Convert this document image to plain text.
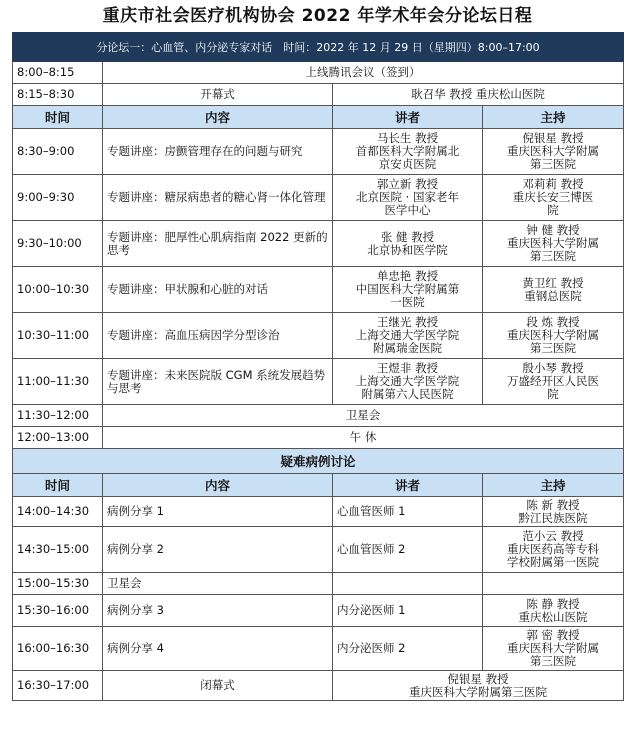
重庆市社会医疗机构协会 2022 年学术年会分论坛日程
分论坛一：心血管、内分泌专家对话　时间：2022 年 12 月 29 日（星期四）8:00–17:00			
8:00–8:15	上线腾讯会议（签到）		
8:15–8:30	开幕式	耿召华 教授 重庆松山医院	
时间	内容	讲者	主持
8:30–9:00	专题讲座：房颤管理存在的问题与研究	马长生 教授
首都医科大学附属北
京安贞医院	倪银星 教授
重庆医科大学附属
第三医院

9:00–9:30	专题讲座：糖尿病患者的糖心肾一体化管理	郭立新 教授
北京医院 · 国家老年
医学中心	邓莉莉 教授
重庆长安三博医
院

9:30–10:00	专题讲座：肥厚性心肌病指南 2022 更新的思考	张 健 教授
北京协和医学院	钟 健 教授
重庆医科大学附属
第三医院

10:00–10:30	专题讲座：甲状腺和心脏的对话	单忠艳 教授
中国医科大学附属第
一医院	黄卫红 教授
重钢总医院

10:30–11:00	专题讲座：高血压病因学分型诊治	王继光 教授
上海交通大学医学院
附属瑞金医院	段 炼 教授
重庆医科大学附属
第三医院

11:00–11:30	专题讲座：未来医院版 CGM 系统发展趋势与思考	王煜非 教授
上海交通大学医学院
附属第六人民医院	殷小琴 教授
万盛经开区人民医
院

11:30–12:00	卫星会		
12:00–13:00	午 休		
疑难病例讨论			
时间	内容	讲者	主持
14:00–14:30	病例分享 1	心血管医师 1	陈 新 教授
黔江民族医院

14:30–15:00	病例分享 2	心血管医师 2	范小云 教授
重庆医药高等专科
学校附属第一医院

15:00–15:30	卫星会		
15:30–16:00	病例分享 3	内分泌医师 1	陈 静 教授
重庆松山医院

16:00–16:30	病例分享 4	内分泌医师 2	郭 密 教授
重庆医科大学附属
第三医院

16:30–17:00	闭幕式	倪银星 教授
重庆医科大学附属第三医院	
